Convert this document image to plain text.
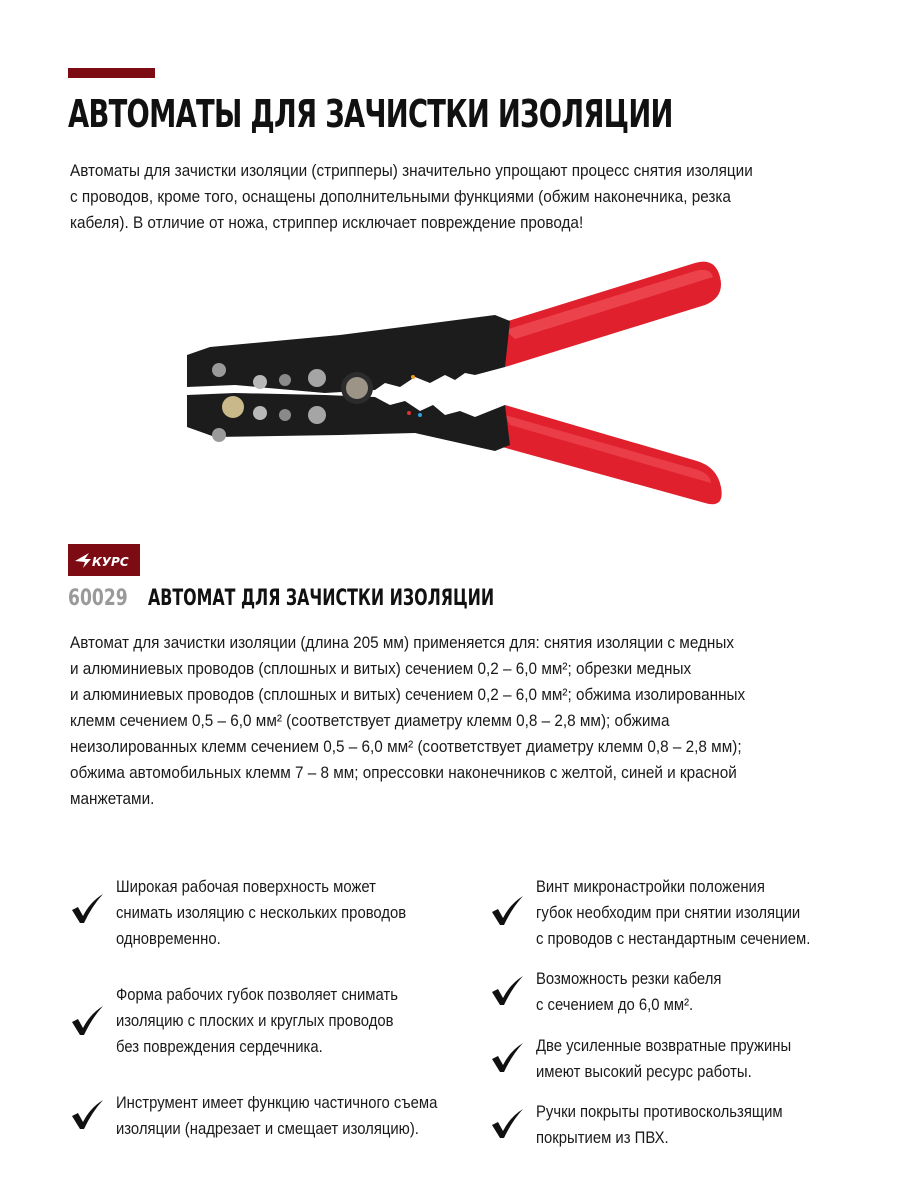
АВТОМАТЫ ДЛЯ ЗАЧИСТКИ ИЗОЛЯЦИИ
Автоматы для зачистки изоляции (стрипперы) значительно упрощают процесс снятия изоляции
с проводов, кроме того, оснащены дополнительными функциями (обжим наконечника, резка
кабеля). В отличие от ножа, стриппер исключает повреждение провода!
КУРС
60029 АВТОМАТ ДЛЯ ЗАЧИСТКИ ИЗОЛЯЦИИ
Автомат для зачистки изоляции (длина 205 мм) применяется для: снятия изоляции с медных
и алюминиевых проводов (сплошных и витых) сечением 0,2 – 6,0 мм²; обрезки медных
и алюминиевых проводов (сплошных и витых) сечением 0,2 – 6,0 мм²; обжима изолированных
клемм сечением 0,5 – 6,0 мм² (соответствует диаметру клемм 0,8 – 2,8 мм); обжима
неизолированных клемм сечением 0,5 – 6,0 мм² (соответствует диаметру клемм 0,8 – 2,8 мм);
обжима автомобильных клемм 7 – 8 мм; опрессовки наконечников с желтой, синей и красной
манжетами.
Широкая рабочая поверхность может
снимать изоляцию с нескольких проводов
одновременно.
Форма рабочих губок позволяет снимать
изоляцию с плоских и круглых проводов
без повреждения сердечника.
Инструмент имеет функцию частичного съема
изоляции (надрезает и смещает изоляцию).
Винт микронастройки положения
губок необходим при снятии изоляции
с проводов с нестандартным сечением.
Возможность резки кабеля
с сечением до 6,0 мм².
Две усиленные возвратные пружины
имеют высокий ресурс работы.
Ручки покрыты противоскользящим
покрытием из ПВХ.
